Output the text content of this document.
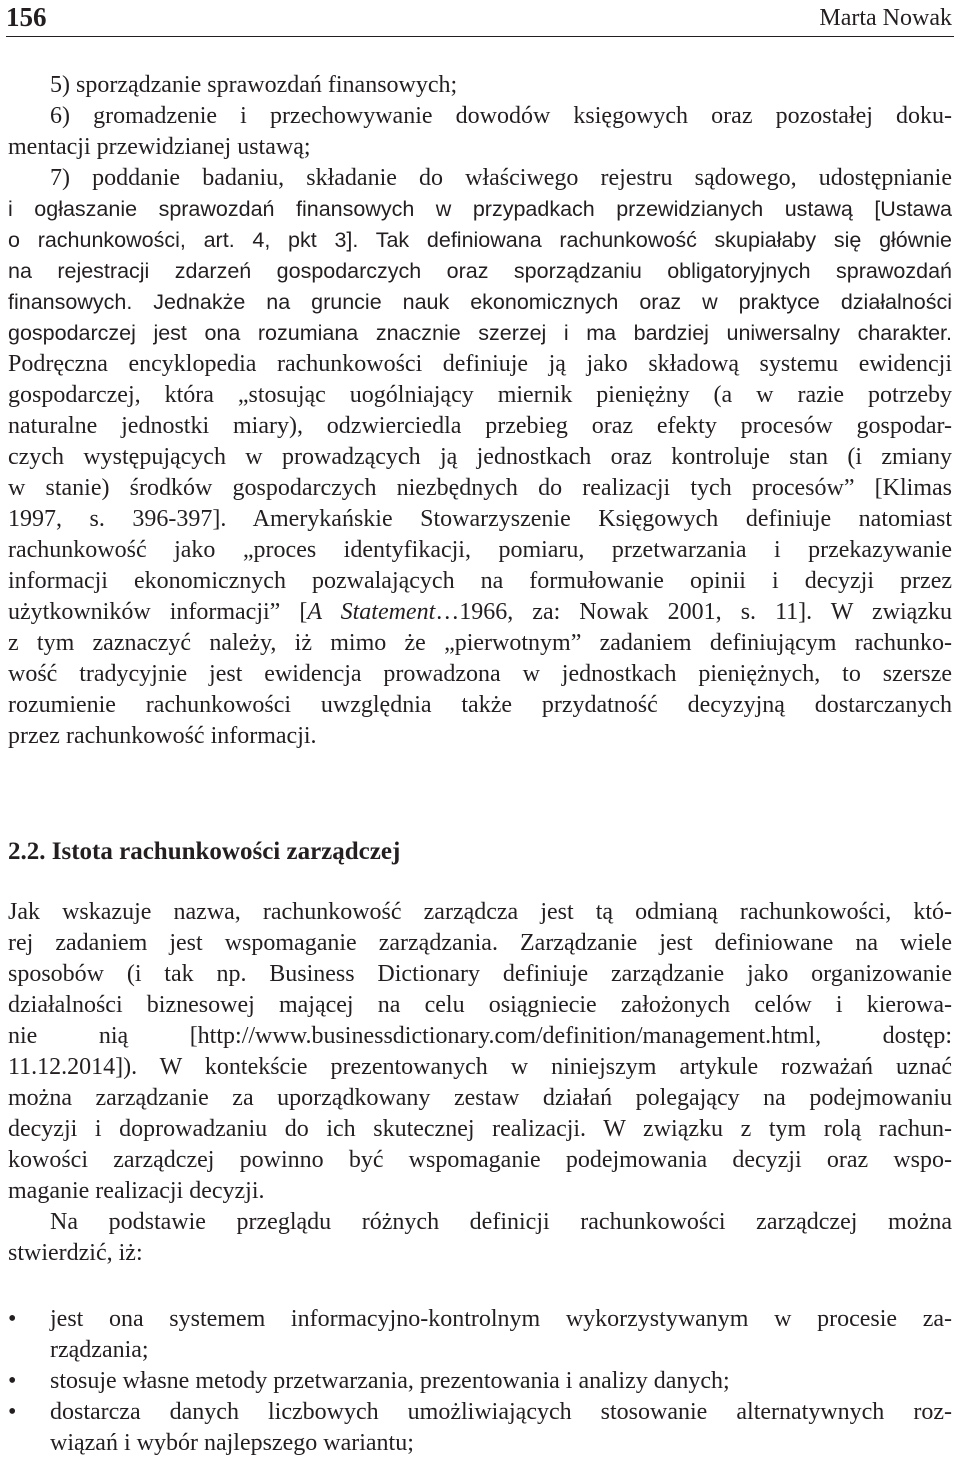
156	Marta Nowak
5) sporządzanie sprawozdań finansowych;
6) gromadzenie i przechowywanie dowodów księgowych oraz pozostałej doku-
mentacji przewidzianej ustawą;
7) poddanie badaniu, składanie do właściwego rejestru sądowego, udostępnianie
i ogłaszanie sprawozdań finansowych w przypadkach przewidzianych ustawą [Ustawa
o rachunkowości, art. 4, pkt 3]. Tak definiowana rachunkowość skupiałaby się głównie
na rejestracji zdarzeń gospodarczych oraz sporządzaniu obligatoryjnych sprawozdań
finansowych. Jednakże na gruncie nauk ekonomicznych oraz w praktyce działalności
gospodarczej jest ona rozumiana znacznie szerzej i ma bardziej uniwersalny charakter.
Podręczna encyklopedia rachunkowości definiuje ją jako składową systemu ewidencji
gospodarczej, która „stosując uogólniający miernik pieniężny (a w razie potrzeby
naturalne jednostki miary), odzwierciedla przebieg oraz efekty procesów gospodar-
czych występujących w prowadzących ją jednostkach oraz kontroluje stan (i zmiany
w stanie) środków gospodarczych niezbędnych do realizacji tych procesów” [Klimas
1997, s. 396-397]. Amerykańskie Stowarzyszenie Księgowych definiuje natomiast
rachunkowość jako „proces identyfikacji, pomiaru, przetwarzania i przekazywanie
informacji ekonomicznych pozwalających na formułowanie opinii i decyzji przez
użytkowników informacji” [A Statement…1966, za: Nowak 2001, s. 11]. W związku
z tym zaznaczyć należy, iż mimo że „pierwotnym” zadaniem definiującym rachunko-
wość tradycyjnie jest ewidencja prowadzona w jednostkach pieniężnych, to szersze
rozumienie rachunkowości uwzględnia także przydatność decyzyjną dostarczanych
przez rachunkowość informacji.
2.2. Istota rachunkowości zarządczej
Jak wskazuje nazwa, rachunkowość zarządcza jest tą odmianą rachunkowości, któ-
rej zadaniem jest wspomaganie zarządzania. Zarządzanie jest definiowane na wiele
sposobów (i tak np. Business Dictionary definiuje zarządzanie jako organizowanie
działalności biznesowej mającej na celu osiągniecie założonych celów i kierowa-
nie nią [http://www.businessdictionary.com/definition/management.html, dostęp:
11.12.2014]). W kontekście prezentowanych w niniejszym artykule rozważań uznać
można zarządzanie za uporządkowany zestaw działań polegający na podejmowaniu
decyzji i doprowadzaniu do ich skutecznej realizacji. W związku z tym rolą rachun-
kowości zarządczej powinno być wspomaganie podejmowania decyzji oraz wspo-
maganie realizacji decyzji.
Na podstawie przeglądu różnych definicji rachunkowości zarządczej można
stwierdzić, iż:
•	jest ona systemem informacyjno-kontrolnym wykorzystywanym w procesie za-
rządzania;
•	stosuje własne metody przetwarzania, prezentowania i analizy danych;
•	dostarcza danych liczbowych umożliwiających stosowanie alternatywnych roz-
wiązań i wybór najlepszego wariantu;
